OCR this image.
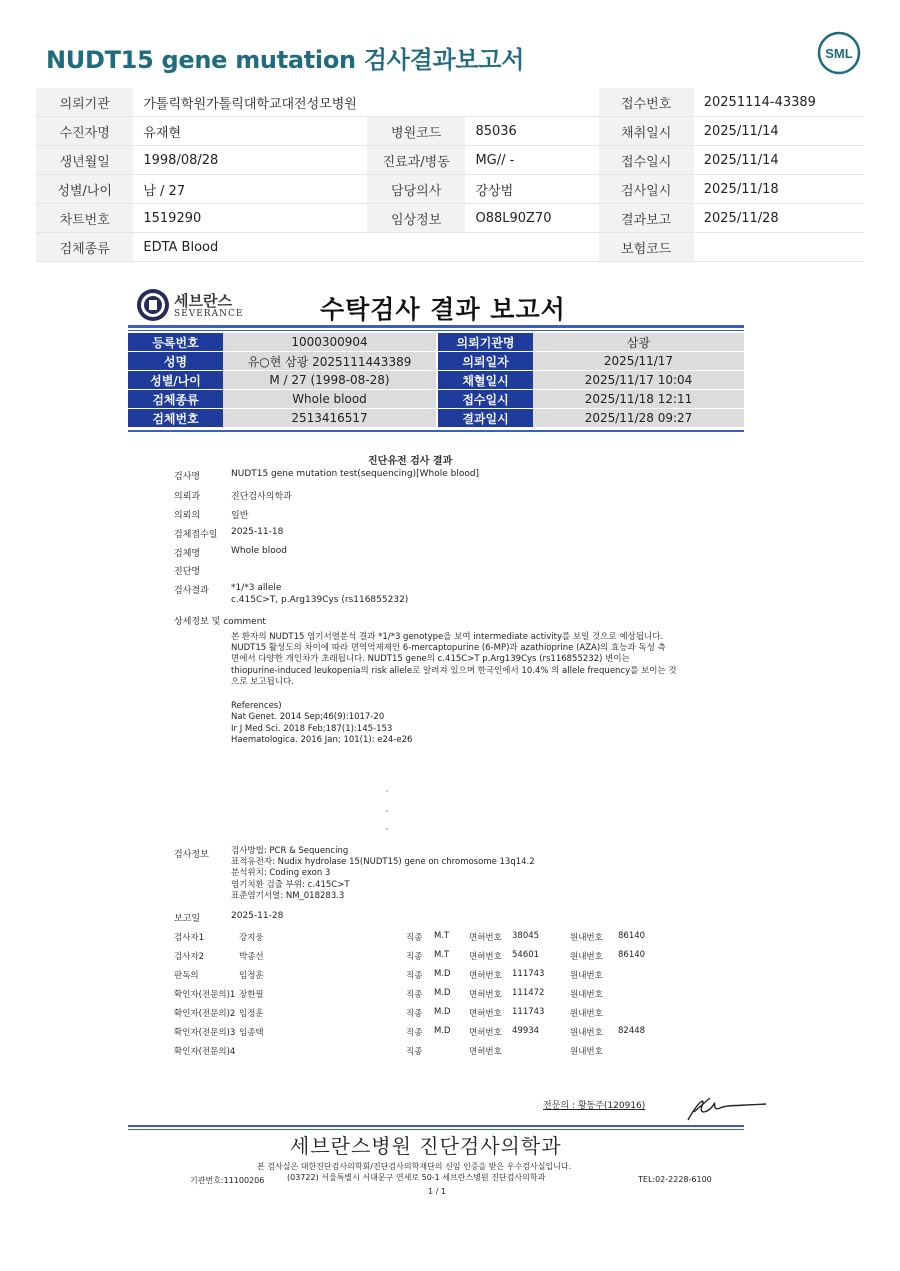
NUDT15 gene mutation 검사결과보고서	SML
의뢰기관	가톨릭학원가톨릭대학교대전성모병원			접수번호	20251114-43389
수진자명	유재현	병원코드	85036	채취일시	2025/11/14
생년월일	1998/08/28	진료과/병동	MG// -	접수일시	2025/11/14
성별/나이	남 / 27	담당의사	강상범	검사일시	2025/11/18
차트번호	1519290	임상정보	O88L90Z70	결과보고	2025/11/28
검체종류	EDTA Blood			보험코드	
세브란스
SEVERANCE	수탁검사 결과 보고서
등록번호	1000300904	의뢰기관명	삼광
성명	유○현 삼광 2025111443389	의뢰일자	2025/11/17
성별/나이	M / 27 (1998-08-28)	채혈일시	2025/11/17 10:04
검체종류	Whole blood	접수일시	2025/11/18 12:11
검체번호	2513416517	결과일시	2025/11/28 09:27
진단유전 검사 결과
검사명	NUDT15 gene mutation test(sequencing)[Whole blood]
의뢰과	진단검사의학과
의뢰의	일반
검체접수일 2025-11-18
검체명	Whole blood
진단명
검사결과 *1/*3 allele
c.415C>T, p.Arg139Cys (rs116855232)
상세정보 및 comment
본 환자의 NUDT15 염기서열분석 결과 *1/*3 genotype을 보여 intermediate activity를 보일 것으로 예상됩니다.
NUDT15 활성도의 차이에 따라 면역억제제인 6-mercaptopurine (6-MP)과 azathioprine (AZA)의 효능과 독성 측
면에서 다양한 개인차가 초래됩니다. NUDT15 gene의 c.415C>T p.Arg139Cys (rs116855232) 변이는
thiopurine-induced leukopenia의 risk allele로 알려져 있으며 한국인에서 10.4% 의 allele frequency를 보이는 것
으로 보고됩니다.
References)
Nat Genet. 2014 Sep;46(9):1017-20
Ir J Med Sci. 2018 Feb;187(1):145-153
Haematologica. 2016 Jan; 101(1): e24-e26
검사정보	검사방법: PCR & Sequencing
표적유전자: Nudix hydrolase 15(NUDT15) gene on chromosome 13q14.2
분석위치: Coding exon 3
염기치환 검출 부위: c.415C>T
표준염기서열: NM_018283.3
보고일	2025-11-28
검사자1	강지웅	직종 M.T 면허번호 38045	원내번호 86140
검사자2	박종선	직종 M.T 면허번호 54601	원내번호 86140
판독의	임정훈	직종 M.D 면허번호 111743	원내번호
확인자(전문의)1 장한필	직종 M.D 면허번호 111472	원내번호
확인자(전문의)2 임정훈	직종 M.D 면허번호 111743	원내번호
확인자(전문의)3 임종택	직종 M.D 면허번호 49934	원내번호 82448
확인자(전문의)4	직종	면허번호	원내번호
전문의 : 황동주(120916)
세브란스병원 진단검사의학과
본 검사실은 대한진단검사의학회/진단검사의학재단의 신임 인증을 받은 우수검사실입니다.
기관번호:11100206	(03722) 서울특별시 서대문구 연세로 50-1 세브란스병원 진단검사의학과	TEL:02-2228-6100
1 / 1
